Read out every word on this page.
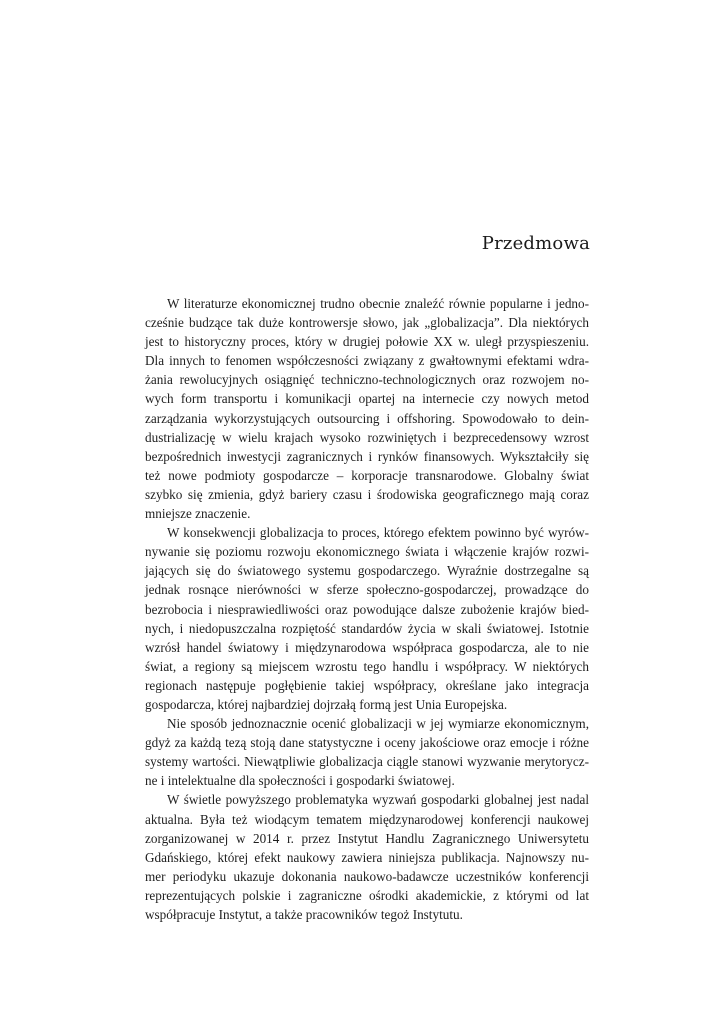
Przedmowa
W literaturze ekonomicznej trudno obecnie znaleźć równie popularne i jedno-
cześnie budzące tak duże kontrowersje słowo, jak „globalizacja”. Dla niektórych
jest to historyczny proces, który w drugiej połowie XX w. uległ przyspieszeniu.
Dla innych to fenomen współczesności związany z gwałtownymi efektami wdra-
żania rewolucyjnych osiągnięć techniczno-technologicznych oraz rozwojem no-
wych form transportu i komunikacji opartej na internecie czy nowych metod
zarządzania wykorzystujących outsourcing i offshoring. Spowodowało to dein-
dustrializację w wielu krajach wysoko rozwiniętych i bezprecedensowy wzrost
bezpośrednich inwestycji zagranicznych i rynków finansowych. Wykształciły się
też nowe podmioty gospodarcze – korporacje transnarodowe. Globalny świat
szybko się zmienia, gdyż bariery czasu i środowiska geograficznego mają coraz
mniejsze znaczenie.
W konsekwencji globalizacja to proces, którego efektem powinno być wyrów-
nywanie się poziomu rozwoju ekonomicznego świata i włączenie krajów rozwi-
jających się do światowego systemu gospodarczego. Wyraźnie dostrzegalne są
jednak rosnące nierówności w sferze społeczno-gospodarczej, prowadzące do
bezrobocia i niesprawiedliwości oraz powodujące dalsze zubożenie krajów bied-
nych, i niedopuszczalna rozpiętość standardów życia w skali światowej. Istotnie
wzrósł handel światowy i międzynarodowa współpraca gospodarcza, ale to nie
świat, a regiony są miejscem wzrostu tego handlu i współpracy. W niektórych
regionach następuje pogłębienie takiej współpracy, określane jako integracja
gospodarcza, której najbardziej dojrzałą formą jest Unia Europejska.
Nie sposób jednoznacznie ocenić globalizacji w jej wymiarze ekonomicznym,
gdyż za każdą tezą stoją dane statystyczne i oceny jakościowe oraz emocje i różne
systemy wartości. Niewątpliwie globalizacja ciągle stanowi wyzwanie merytorycz-
ne i intelektualne dla społeczności i gospodarki światowej.
W świetle powyższego problematyka wyzwań gospodarki globalnej jest nadal
aktualna. Była też wiodącym tematem międzynarodowej konferencji naukowej
zorganizowanej w 2014 r. przez Instytut Handlu Zagranicznego Uniwersytetu
Gdańskiego, której efekt naukowy zawiera niniejsza publikacja. Najnowszy nu-
mer periodyku ukazuje dokonania naukowo-badawcze uczestników konferencji
reprezentujących polskie i zagraniczne ośrodki akademickie, z którymi od lat
współpracuje Instytut, a także pracowników tegoż Instytutu.
